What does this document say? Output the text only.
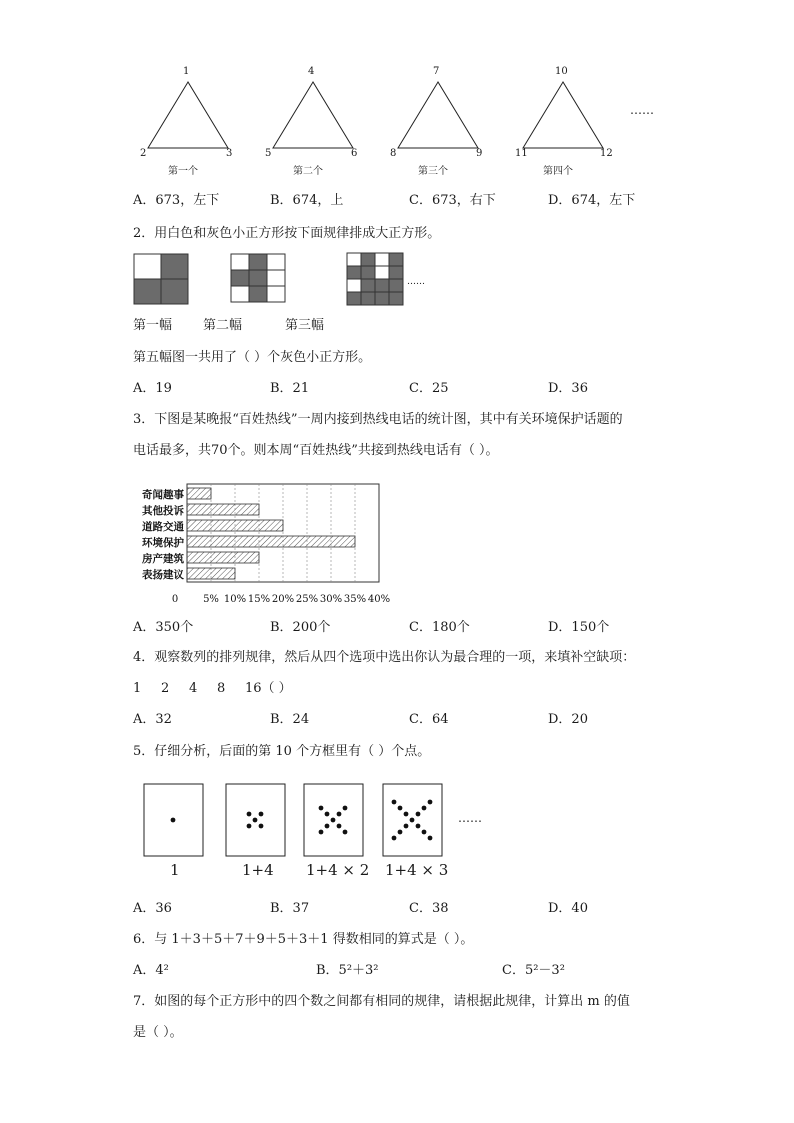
1
2	3
第一个
4
5	6
第二个
7
8	9
第三个
10
11	12
第四个
……
A．673，左下	B．674，上	C．673，右下	D．674，左下
2．用白色和灰色小正方形按下面规律排成大正方形。
……
第一幅 第二幅	第三幅
第五幅图一共用了（ ）个灰色小正方形。
A．19	B．21	C．25	D．36
3．下图是某晚报“百姓热线”一周内接到热线电话的统计图，其中有关环境保护话题的
电话最多，共70个。则本周“百姓热线”共接到热线电话有（ ）。
奇闻趣事
其他投诉
道路交通
环境保护
房产建筑
表扬建议
0 5% 10% 15% 20% 25% 30% 35% 40%
A．350个	B．200个	C．180个	D．150个
4．观察数列的排列规律，然后从四个选项中选出你认为最合理的一项，来填补空缺项：
1 2 4 8 16（ ）
A．32	B．24	C．64	D．20
5．仔细分析，后面的第 10 个方框里有（ ）个点。
……
1	1+4 1+4 × 2 1+4 × 3
A．36	B．37	C．38	D．40
6．与 1＋3＋5＋7＋9＋5＋3＋1 得数相同的算式是（ ）。
A．4²	B．5²＋3²	C．5²－3²
7．如图的每个正方形中的四个数之间都有相同的规律，请根据此规律，计算出 m 的值
是（ ）。
